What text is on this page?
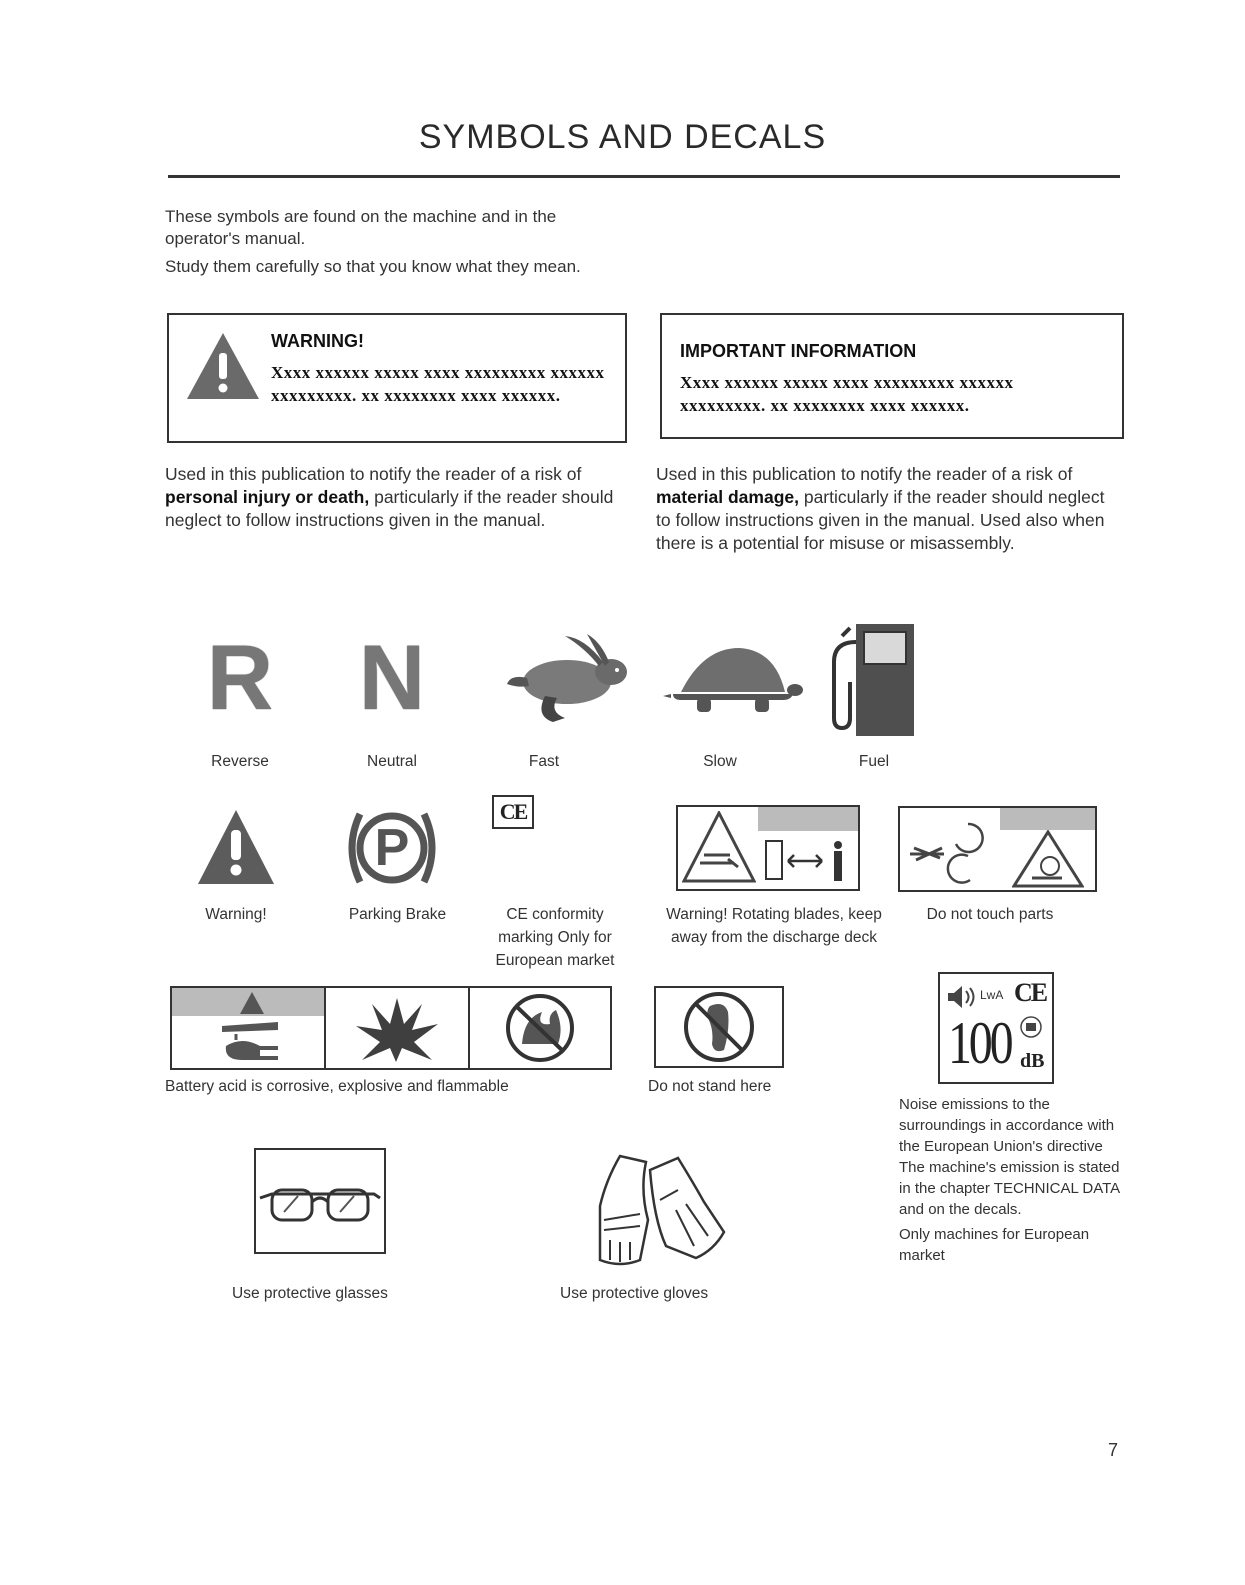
SYMBOLS AND DECALS

These symbols are found on the machine and in the operator's manual.

Study them carefully so that you know what they mean.

WARNING!
Xxxx xxxxxx xxxxx xxxx xxxxxxxxx xxxxxx xxxxxxxxx. xx xxxxxxxx xxxx xxxxxx.
Used in this publication to notify the reader of a risk of personal injury or death, particularly if the reader should neglect to follow instructions given in the manual.
IMPORTANT INFORMATION
Xxxx xxxxxx xxxxx xxxx xxxxxxxxx xxxxxx xxxxxxxxx. xx xxxxxxxx xxxx xxxxxx.
Used in this publication to notify the reader of a risk of material damage, particularly if the reader should neglect to follow instructions given in the manual. Used also when there is a potential for misuse or misassembly.
R
Reverse
N
Neutral	Fast	Slow	Fuel
Warning!
P
Parking Brake
CE
CE conformity marking Only for European market
Warning! Rotating blades, keep away from the discharge deck
Do not touch parts
Battery acid is corrosive, explosive and flammable	Do not stand here
LwA CE
100 dB
Noise emissions to the surroundings in accordance with the European Union's directive The machine's emission is stated in the chapter TECHNICAL DATA and on the decals.
Only machines for European market
Use protective glasses	Use protective gloves
7
